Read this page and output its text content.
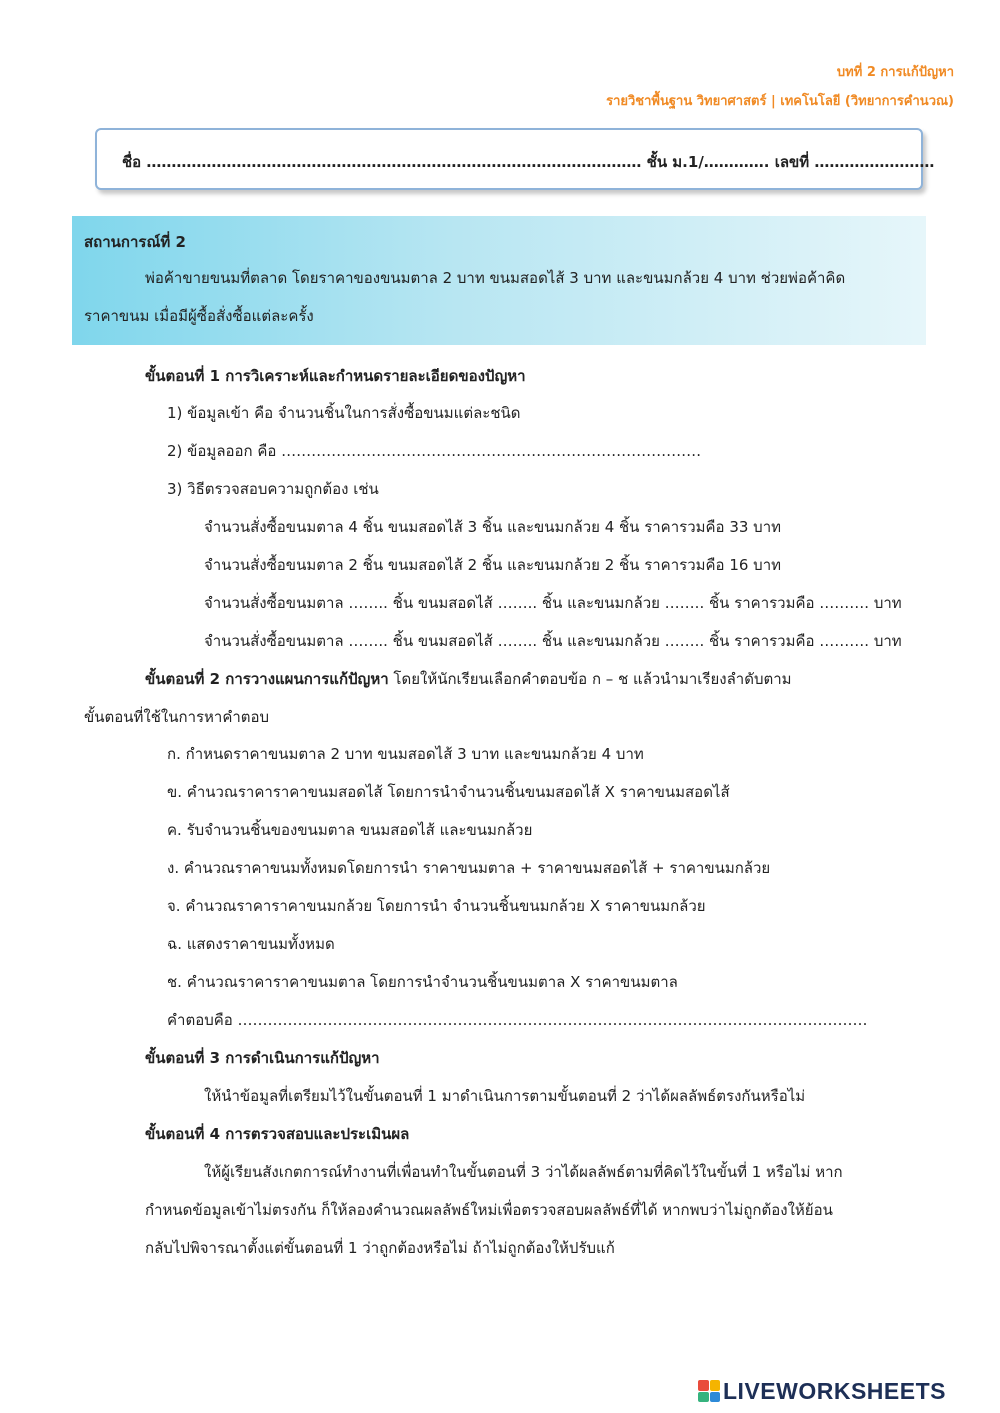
บทที่ 2 การแก้ปัญหา
รายวิชาพื้นฐาน วิทยาศาสตร์ | เทคโนโลยี (วิทยาการคำนวณ)
ชื่อ ……………………………………………………………………………………… ชั้น ม.1/…………. เลขที่ ……………………
สถานการณ์ที่ 2
พ่อค้าขายขนมที่ตลาด โดยราคาของขนมตาล 2 บาท ขนมสอดไส้ 3 บาท และขนมกล้วย 4 บาท ช่วยพ่อค้าคิด
ราคาขนม เมื่อมีผู้ซื้อสั่งซื้อแต่ละครั้ง
ขั้นตอนที่ 1 การวิเคราะห์และกำหนดรายละเอียดของปัญหา
1) ข้อมูลเข้า คือ จำนวนชิ้นในการสั่งซื้อขนมแต่ละชนิด
2) ข้อมูลออก คือ …………………………………………………………………………
3) วิธีตรวจสอบความถูกต้อง เช่น
จำนวนสั่งซื้อขนมตาล 4 ชิ้น ขนมสอดไส้ 3 ชิ้น และขนมกล้วย 4 ชิ้น ราคารวมคือ 33 บาท
จำนวนสั่งซื้อขนมตาล 2 ชิ้น ขนมสอดไส้ 2 ชิ้น และขนมกล้วย 2 ชิ้น ราคารวมคือ 16 บาท
จำนวนสั่งซื้อขนมตาล …….. ชิ้น ขนมสอดไส้ …….. ชิ้น และขนมกล้วย …….. ชิ้น ราคารวมคือ ………. บาท
จำนวนสั่งซื้อขนมตาล …….. ชิ้น ขนมสอดไส้ …….. ชิ้น และขนมกล้วย …….. ชิ้น ราคารวมคือ ………. บาท
ขั้นตอนที่ 2 การวางแผนการแก้ปัญหา โดยให้นักเรียนเลือกคำตอบข้อ ก – ช แล้วนำมาเรียงลำดับตาม
ขั้นตอนที่ใช้ในการหาคำตอบ
ก. กำหนดราคาขนมตาล 2 บาท ขนมสอดไส้ 3 บาท และขนมกล้วย 4 บาท
ข. คำนวณราคาราคาขนมสอดไส้ โดยการนำจำนวนชิ้นขนมสอดไส้ X ราคาขนมสอดไส้
ค. รับจำนวนชิ้นของขนมตาล ขนมสอดไส้ และขนมกล้วย
ง. คำนวณราคาขนมทั้งหมดโดยการนำ ราคาขนมตาล + ราคาขนมสอดไส้ + ราคาขนมกล้วย
จ. คำนวณราคาราคาขนมกล้วย โดยการนำ จำนวนชิ้นขนมกล้วย X ราคาขนมกล้วย
ฉ. แสดงราคาขนมทั้งหมด
ช. คำนวณราคาราคาขนมตาล โดยการนำจำนวนชิ้นขนมตาล X ราคาขนมตาล
คำตอบคือ ………………………………………………………………………………………………………………
ขั้นตอนที่ 3 การดำเนินการแก้ปัญหา
ให้นำข้อมูลที่เตรียมไว้ในขั้นตอนที่ 1 มาดำเนินการตามขั้นตอนที่ 2 ว่าได้ผลลัพธ์ตรงกันหรือไม่
ขั้นตอนที่ 4 การตรวจสอบและประเมินผล
ให้ผู้เรียนสังเกตการณ์ทำงานที่เพื่อนทำในขั้นตอนที่ 3 ว่าได้ผลลัพธ์ตามที่คิดไว้ในขั้นที่ 1 หรือไม่ หาก
กำหนดข้อมูลเข้าไม่ตรงกัน ก็ให้ลองคำนวณผลลัพธ์ใหม่เพื่อตรวจสอบผลลัพธ์ที่ได้ หากพบว่าไม่ถูกต้องให้ย้อน
กลับไปพิจารณาตั้งแต่ขั้นตอนที่ 1 ว่าถูกต้องหรือไม่ ถ้าไม่ถูกต้องให้ปรับแก้
LIVEWORKSHEETS
